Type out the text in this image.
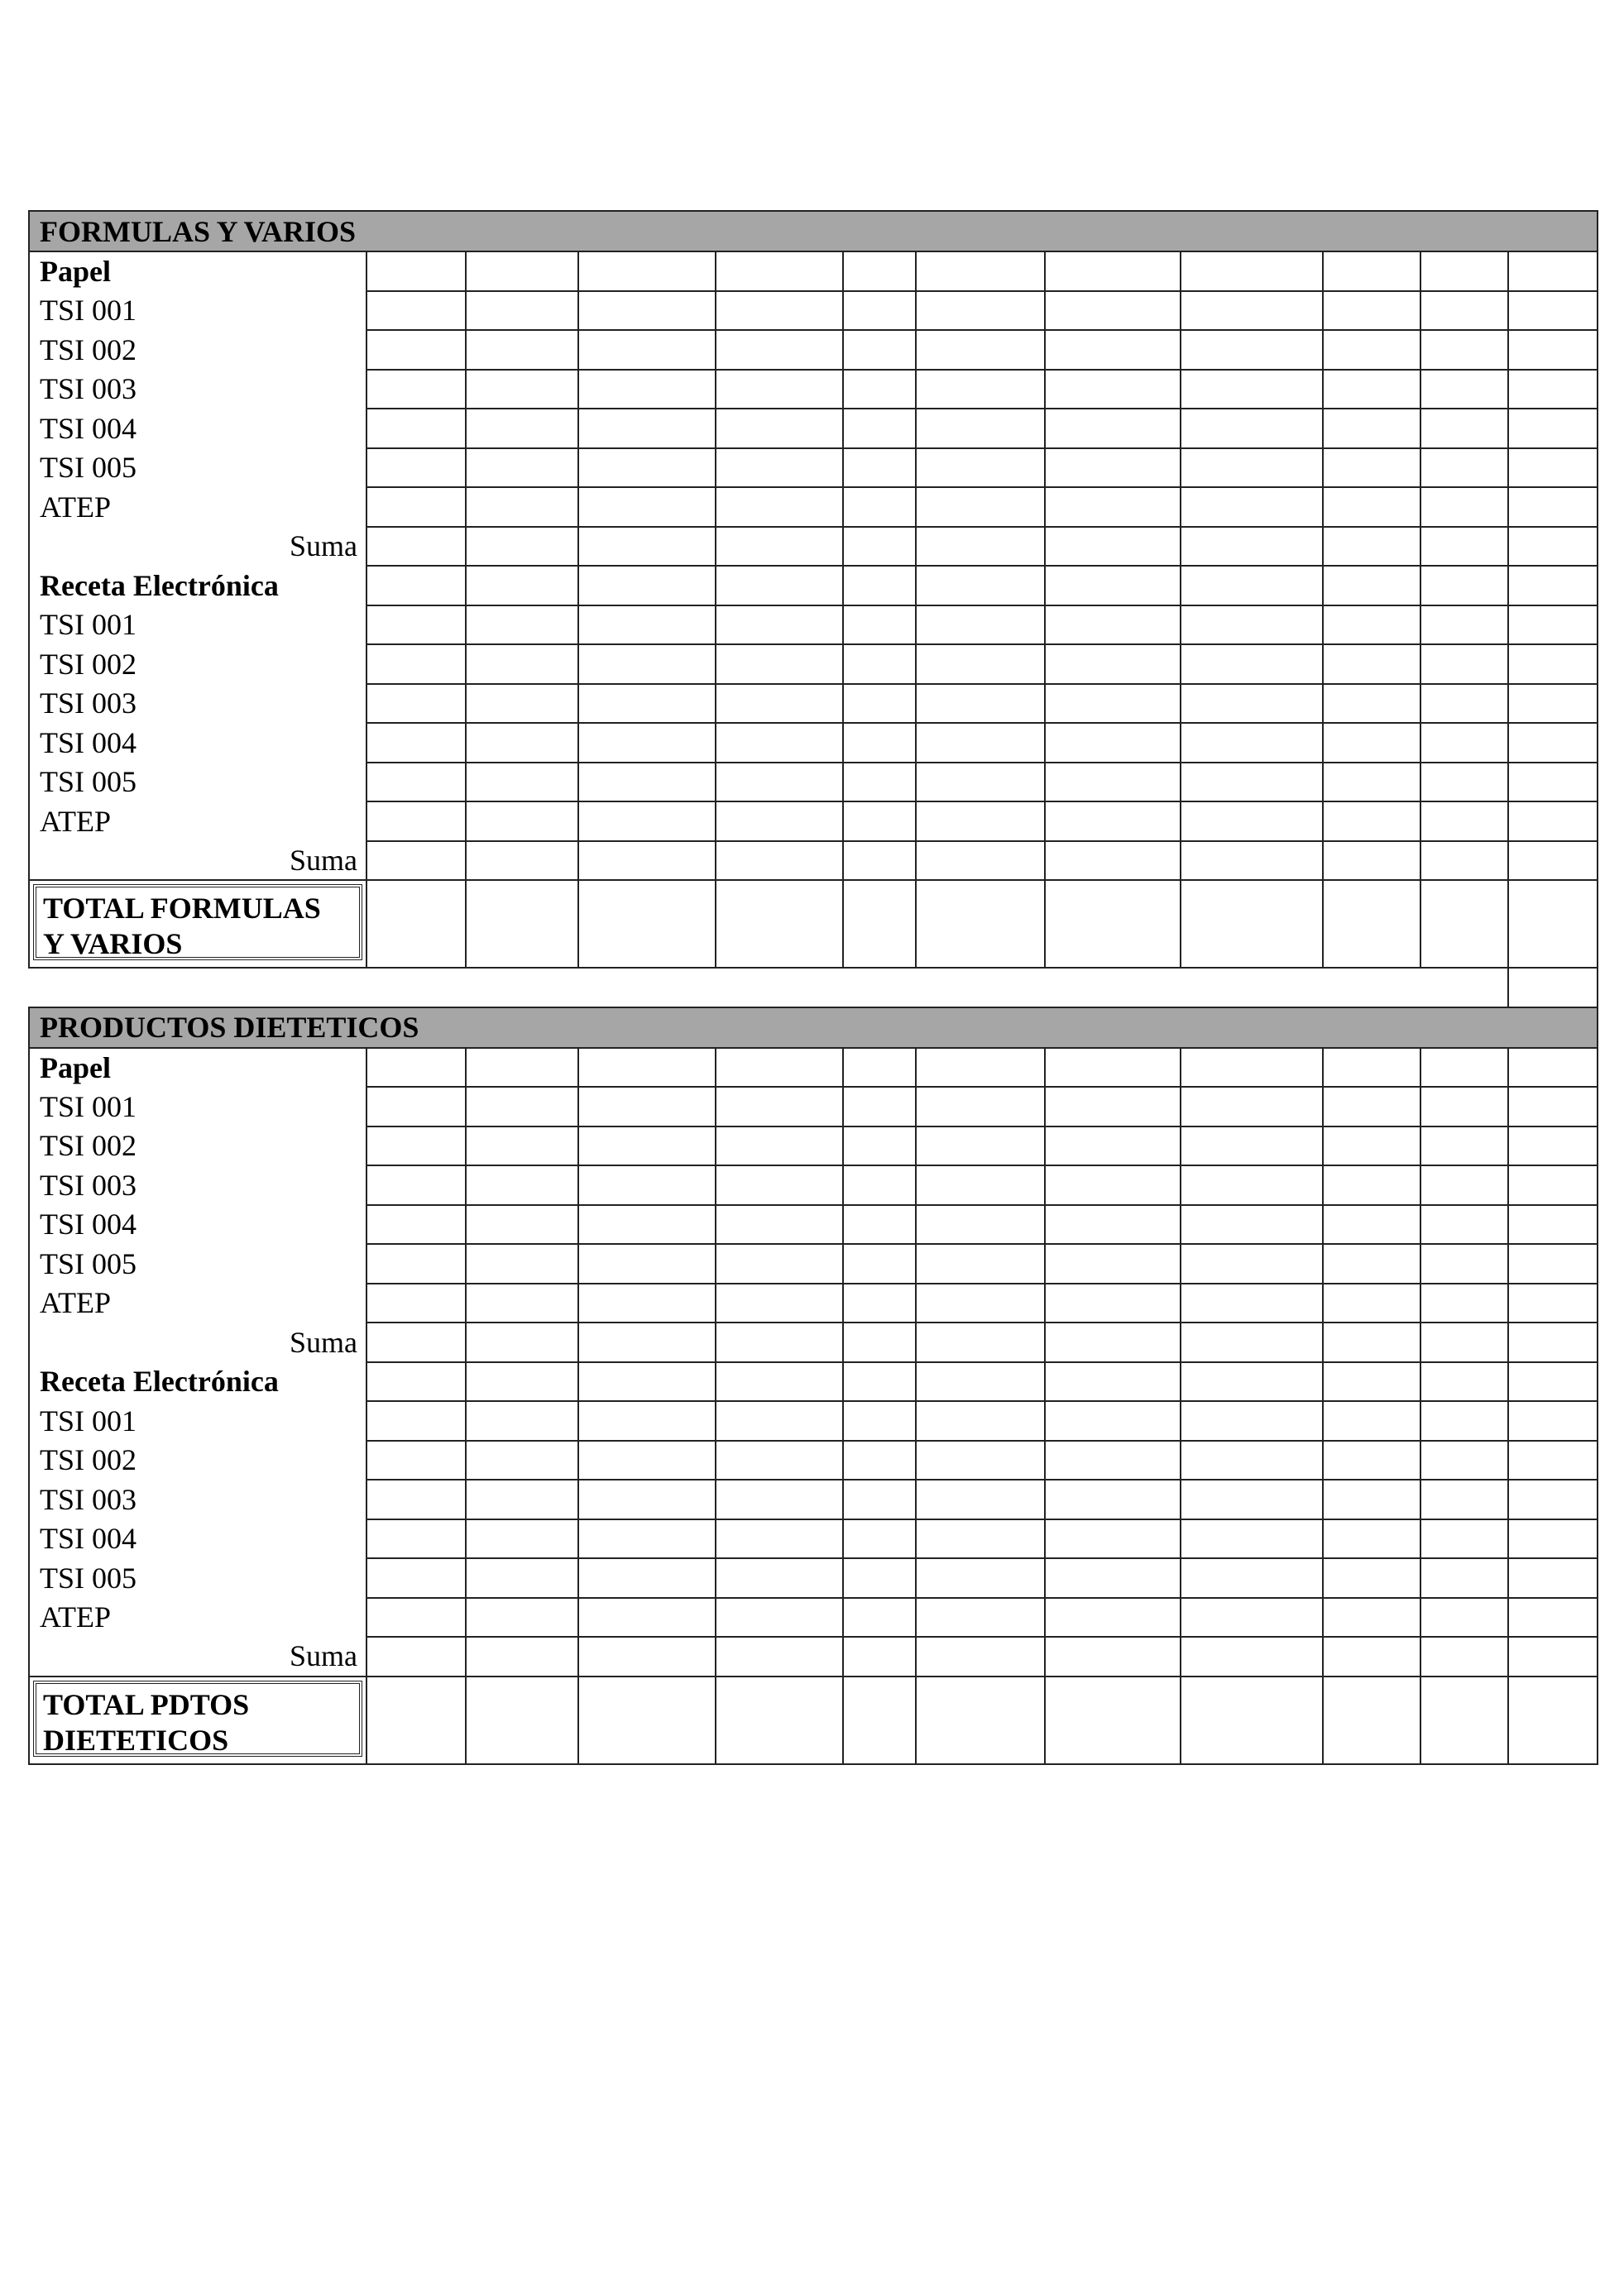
FORMULAS Y VARIOS											
Papel											
TSI 001											
TSI 002											
TSI 003											
TSI 004											
TSI 005											
ATEP											
Suma											
Receta Electrónica											
TSI 001											
TSI 002											
TSI 003											
TSI 004											
TSI 005											
ATEP											
Suma											

TOTAL FORMULAS
Y VARIOS											

PRODUCTOS DIETETICOS											
Papel											
TSI 001											
TSI 002											
TSI 003											
TSI 004											
TSI 005											
ATEP											
Suma											
Receta Electrónica											
TSI 001											
TSI 002											
TSI 003											
TSI 004											
TSI 005											
ATEP											
Suma											

TOTAL PDTOS
DIETETICOS											
